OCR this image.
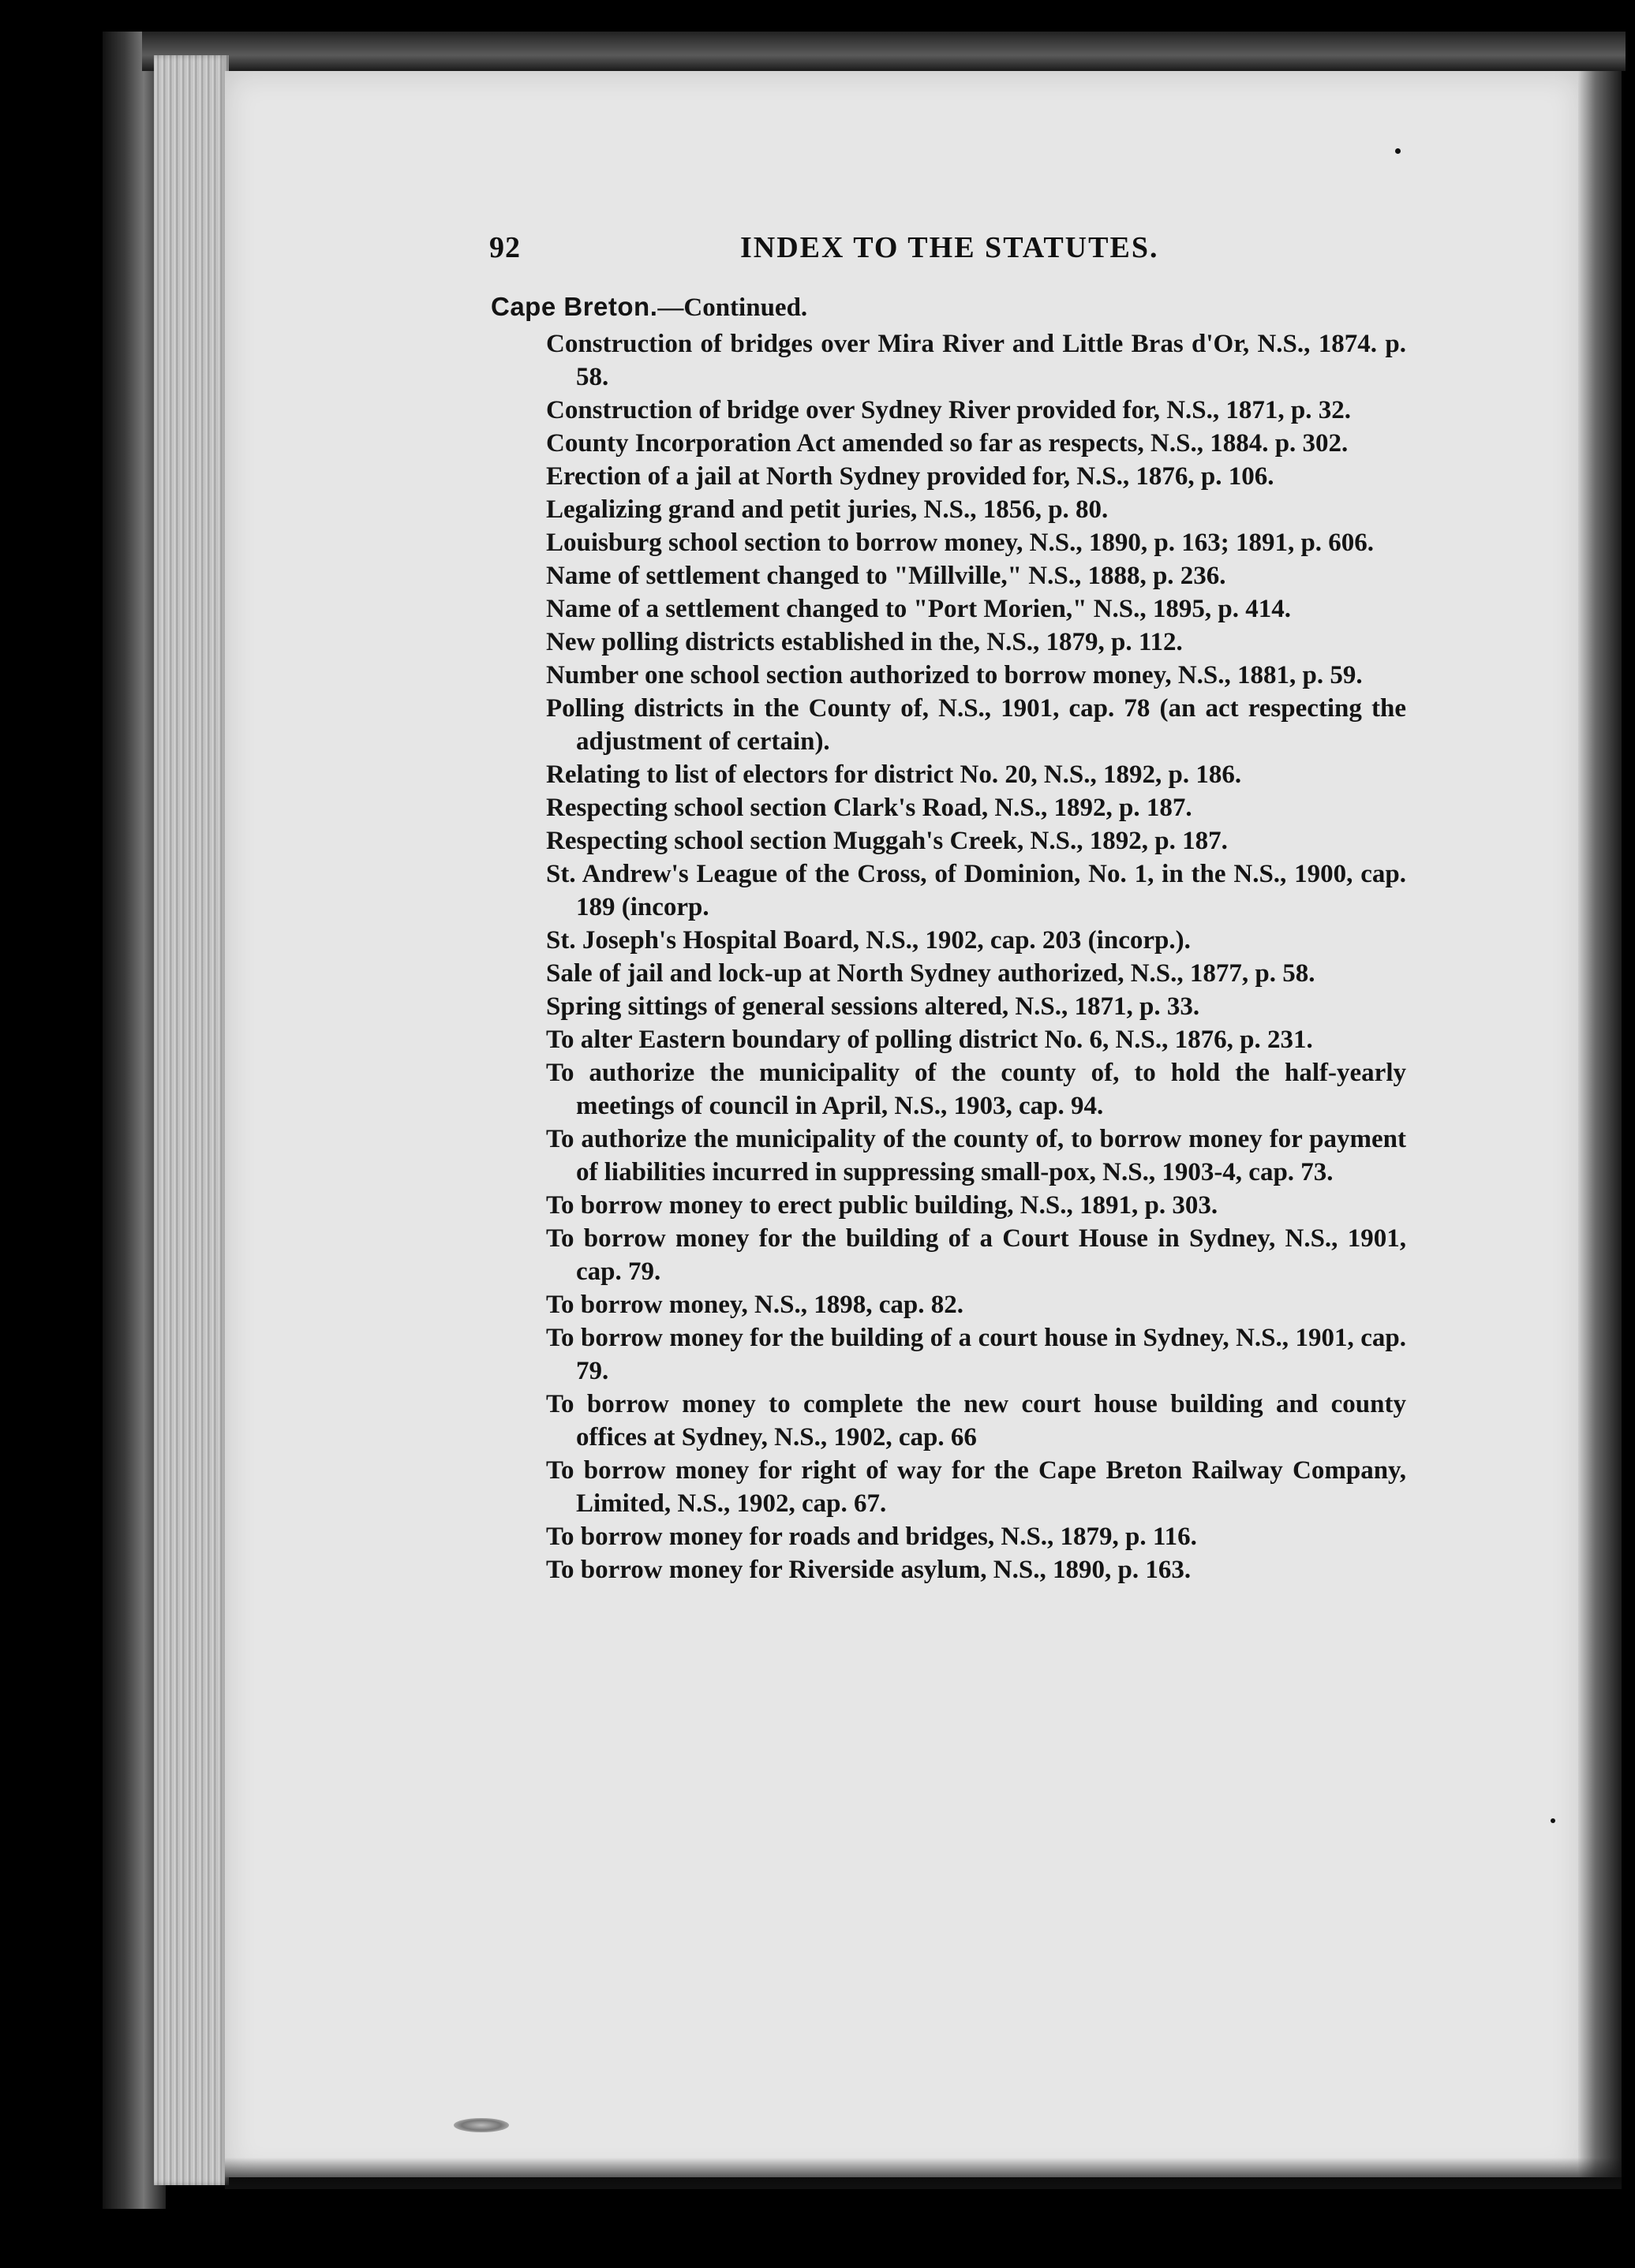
92	INDEX TO THE STATUTES.
Cape Breton.—Continued.

Construction of bridges over Mira River and Little Bras d'Or, N.S., 1874. p. 58.

Construction of bridge over Sydney River provided for, N.S., 1871, p. 32.

County Incorporation Act amended so far as respects, N.S., 1884. p. 302.

Erection of a jail at North Sydney provided for, N.S., 1876, p. 106.

Legalizing grand and petit juries, N.S., 1856, p. 80.

Louisburg school section to borrow money, N.S., 1890, p. 163; 1891, p. 606.

Name of settlement changed to "Millville," N.S., 1888, p. 236.

Name of a settlement changed to "Port Morien," N.S., 1895, p. 414.

New polling districts established in the, N.S., 1879, p. 112.

Number one school section authorized to borrow money, N.S., 1881, p. 59.

Polling districts in the County of, N.S., 1901, cap. 78 (an act respecting the adjustment of certain).

Relating to list of electors for district No. 20, N.S., 1892, p. 186.

Respecting school section Clark's Road, N.S., 1892, p. 187.

Respecting school section Muggah's Creek, N.S., 1892, p. 187.

St. Andrew's League of the Cross, of Dominion, No. 1, in the N.S., 1900, cap. 189 (incorp.

St. Joseph's Hospital Board, N.S., 1902, cap. 203 (incorp.).

Sale of jail and lock-up at North Sydney authorized, N.S., 1877, p. 58.

Spring sittings of general sessions altered, N.S., 1871, p. 33.

To alter Eastern boundary of polling district No. 6, N.S., 1876, p. 231.

To authorize the municipality of the county of, to hold the half-yearly meetings of council in April, N.S., 1903, cap. 94.

To authorize the municipality of the county of, to borrow money for payment of liabilities incurred in suppressing small-pox, N.S., 1903-4, cap. 73.

To borrow money to erect public building, N.S., 1891, p. 303.

To borrow money for the building of a Court House in Sydney, N.S., 1901, cap. 79.

To borrow money, N.S., 1898, cap. 82.

To borrow money for the building of a court house in Sydney, N.S., 1901, cap. 79.

To borrow money to complete the new court house building and county offices at Sydney, N.S., 1902, cap. 66

To borrow money for right of way for the Cape Breton Railway Company, Limited, N.S., 1902, cap. 67.

To borrow money for roads and bridges, N.S., 1879, p. 116.

To borrow money for Riverside asylum, N.S., 1890, p. 163.
